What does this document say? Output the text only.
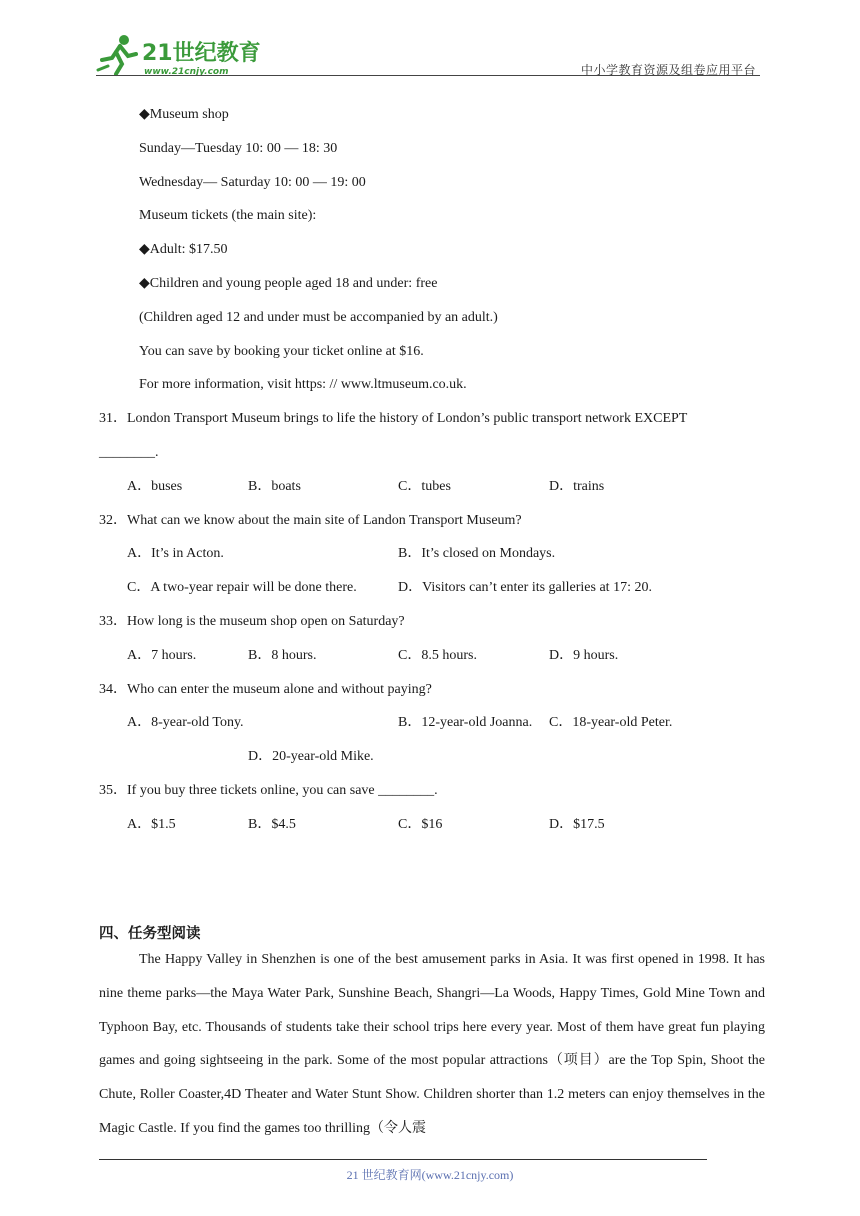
21世纪教育
www.21cnjy.com	中小学教育资源及组卷应用平台
◆Museum shop
Sunday—Tuesday 10: 00 — 18: 30
Wednesday— Saturday 10: 00 — 19: 00
Museum tickets (the main site):
◆Adult: $17.50
◆Children and young people aged 18 and under: free
(Children aged 12 and under must be accompanied by an adult.)
You can save by booking your ticket online at $16.
For more information, visit https: // www.ltmuseum.co.uk.
31．London Transport Museum brings to life the history of London’s public transport network EXCEPT
________.
A．buses	B．boats	C．tubes	D．trains
32．What can we know about the main site of Landon Transport Museum?
A．It’s in Acton.	B．It’s closed on Mondays.
C．A two-year repair will be done there.	D．Visitors can’t enter its galleries at 17: 20.
33．How long is the museum shop open on Saturday?
A．7 hours.	B．8 hours.	C．8.5 hours.	D．9 hours.
34．Who can enter the museum alone and without paying?
A．8-year-old Tony.	B．12-year-old Joanna. C．18-year-old Peter.
D．20-year-old Mike.
35．If you buy three tickets online, you can save ________.
A．$1.5	B．$4.5	C．$16	D．$17.5
四、任务型阅读

The Happy Valley in Shenzhen is one of the best amusement parks in Asia. It was first opened in 1998. It has nine theme parks—the Maya Water Park, Sunshine Beach, Shangri—La Woods, Happy Times, Gold Mine Town and Typhoon Bay, etc. Thousands of students take their school trips here every year. Most of them have great fun playing games and going sightseeing in the park. Some of the most popular attractions（项目）are the Top Spin, Shoot the Chute, Roller Coaster,4D Theater and Water Stunt Show. Children shorter than 1.2 meters can enjoy themselves in the Magic Castle. If you find the games too thrilling（令人震

21 世纪教育网(www.21cnjy.com)
